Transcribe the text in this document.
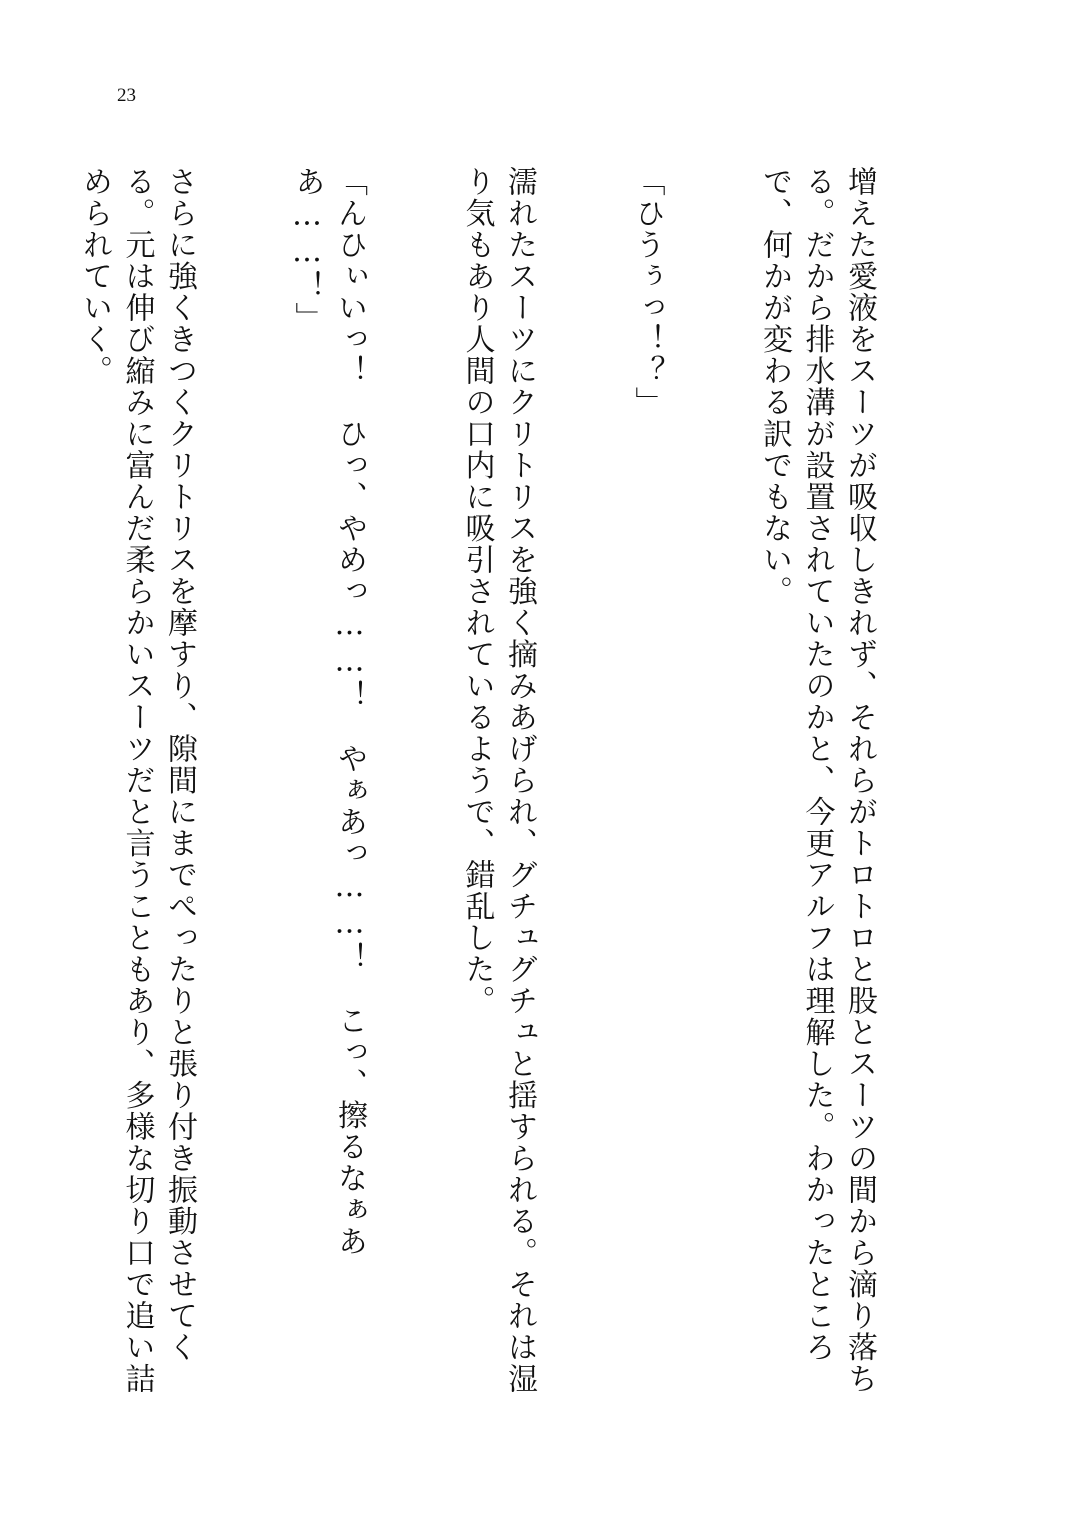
23

增えた愛液をスーツが吸収しきれず、それらがトロトロと股とスーツの間から滴り落ちる。だから排水溝が設置されていたのかと、今更アルフは理解した。わかったところで、何かが変わる訳でもない。

「ひうぅっ！？」

濡れたスーツにクリトリスを強く摘みあげられ、グチュグチュと揺すられる。それは湿り気もあり人間の口内に吸引されているようで、錯乱した。

「んひぃいっ！　ひっ、やめっ……！　やぁあっ……！　こっ、擦るなぁああ……！」

さらに強くきつくクリトリスを摩すり、隙間にまでぺったりと張り付き振動させてくる。元は伸び縮みに富んだ柔らかいスーツだと言うこともあり、多様な切り口で追い詰められていく。
